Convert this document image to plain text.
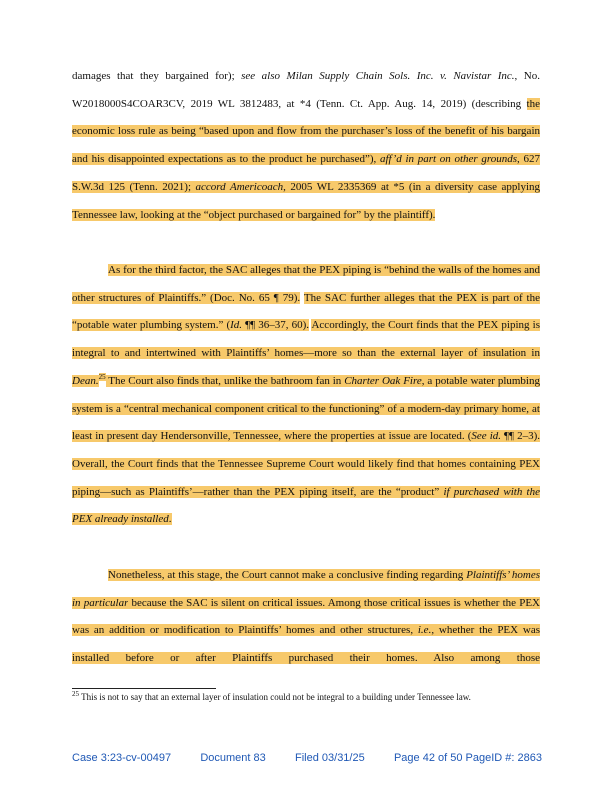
damages that they bargained for); see also Milan Supply Chain Sols. Inc. v. Navistar Inc., No. W2018000S4COAR3CV, 2019 WL 3812483, at *4 (Tenn. Ct. App. Aug. 14, 2019) (describing the economic loss rule as being “based upon and flow from the purchaser’s loss of the benefit of his bargain and his disappointed expectations as to the product he purchased”), aff’d in part on other grounds, 627 S.W.3d 125 (Tenn. 2021); accord Americoach, 2005 WL 2335369 at *5 (in a diversity case applying Tennessee law, looking at the “object purchased or bargained for” by the plaintiff).

As for the third factor, the SAC alleges that the PEX piping is “behind the walls of the homes and other structures of Plaintiffs.” (Doc. No. 65 ¶ 79). The SAC further alleges that the PEX is part of the “potable water plumbing system.” (Id. ¶¶ 36–37, 60). Accordingly, the Court finds that the PEX piping is integral to and intertwined with Plaintiffs’ homes—more so than the external layer of insulation in Dean.$^{25}$ The Court also finds that, unlike the bathroom fan in Charter Oak Fire, a potable water plumbing system is a “central mechanical component critical to the functioning” of a modern-day primary home, at least in present day Hendersonville, Tennessee, where the properties at issue are located. (See id. ¶¶ 2–3). Overall, the Court finds that the Tennessee Supreme Court would likely find that homes containing PEX piping—such as Plaintiffs’—rather than the PEX piping itself, are the “product” if purchased with the PEX already installed.

Nonetheless, at this stage, the Court cannot make a conclusive finding regarding Plaintiffs’ homes in particular because the SAC is silent on critical issues. Among those critical issues is whether the PEX was an addition or modification to Plaintiffs’ homes and other structures, i.e., whether the PEX was installed before or after Plaintiffs purchased their homes. Also among those

$^{25}$ This is not to say that an external layer of insulation could not be integral to a building under Tennessee law.

Case 3:23-cv-00497	Document 83	Filed 03/31/25	Page 42 of 50 PageID #: 2863
